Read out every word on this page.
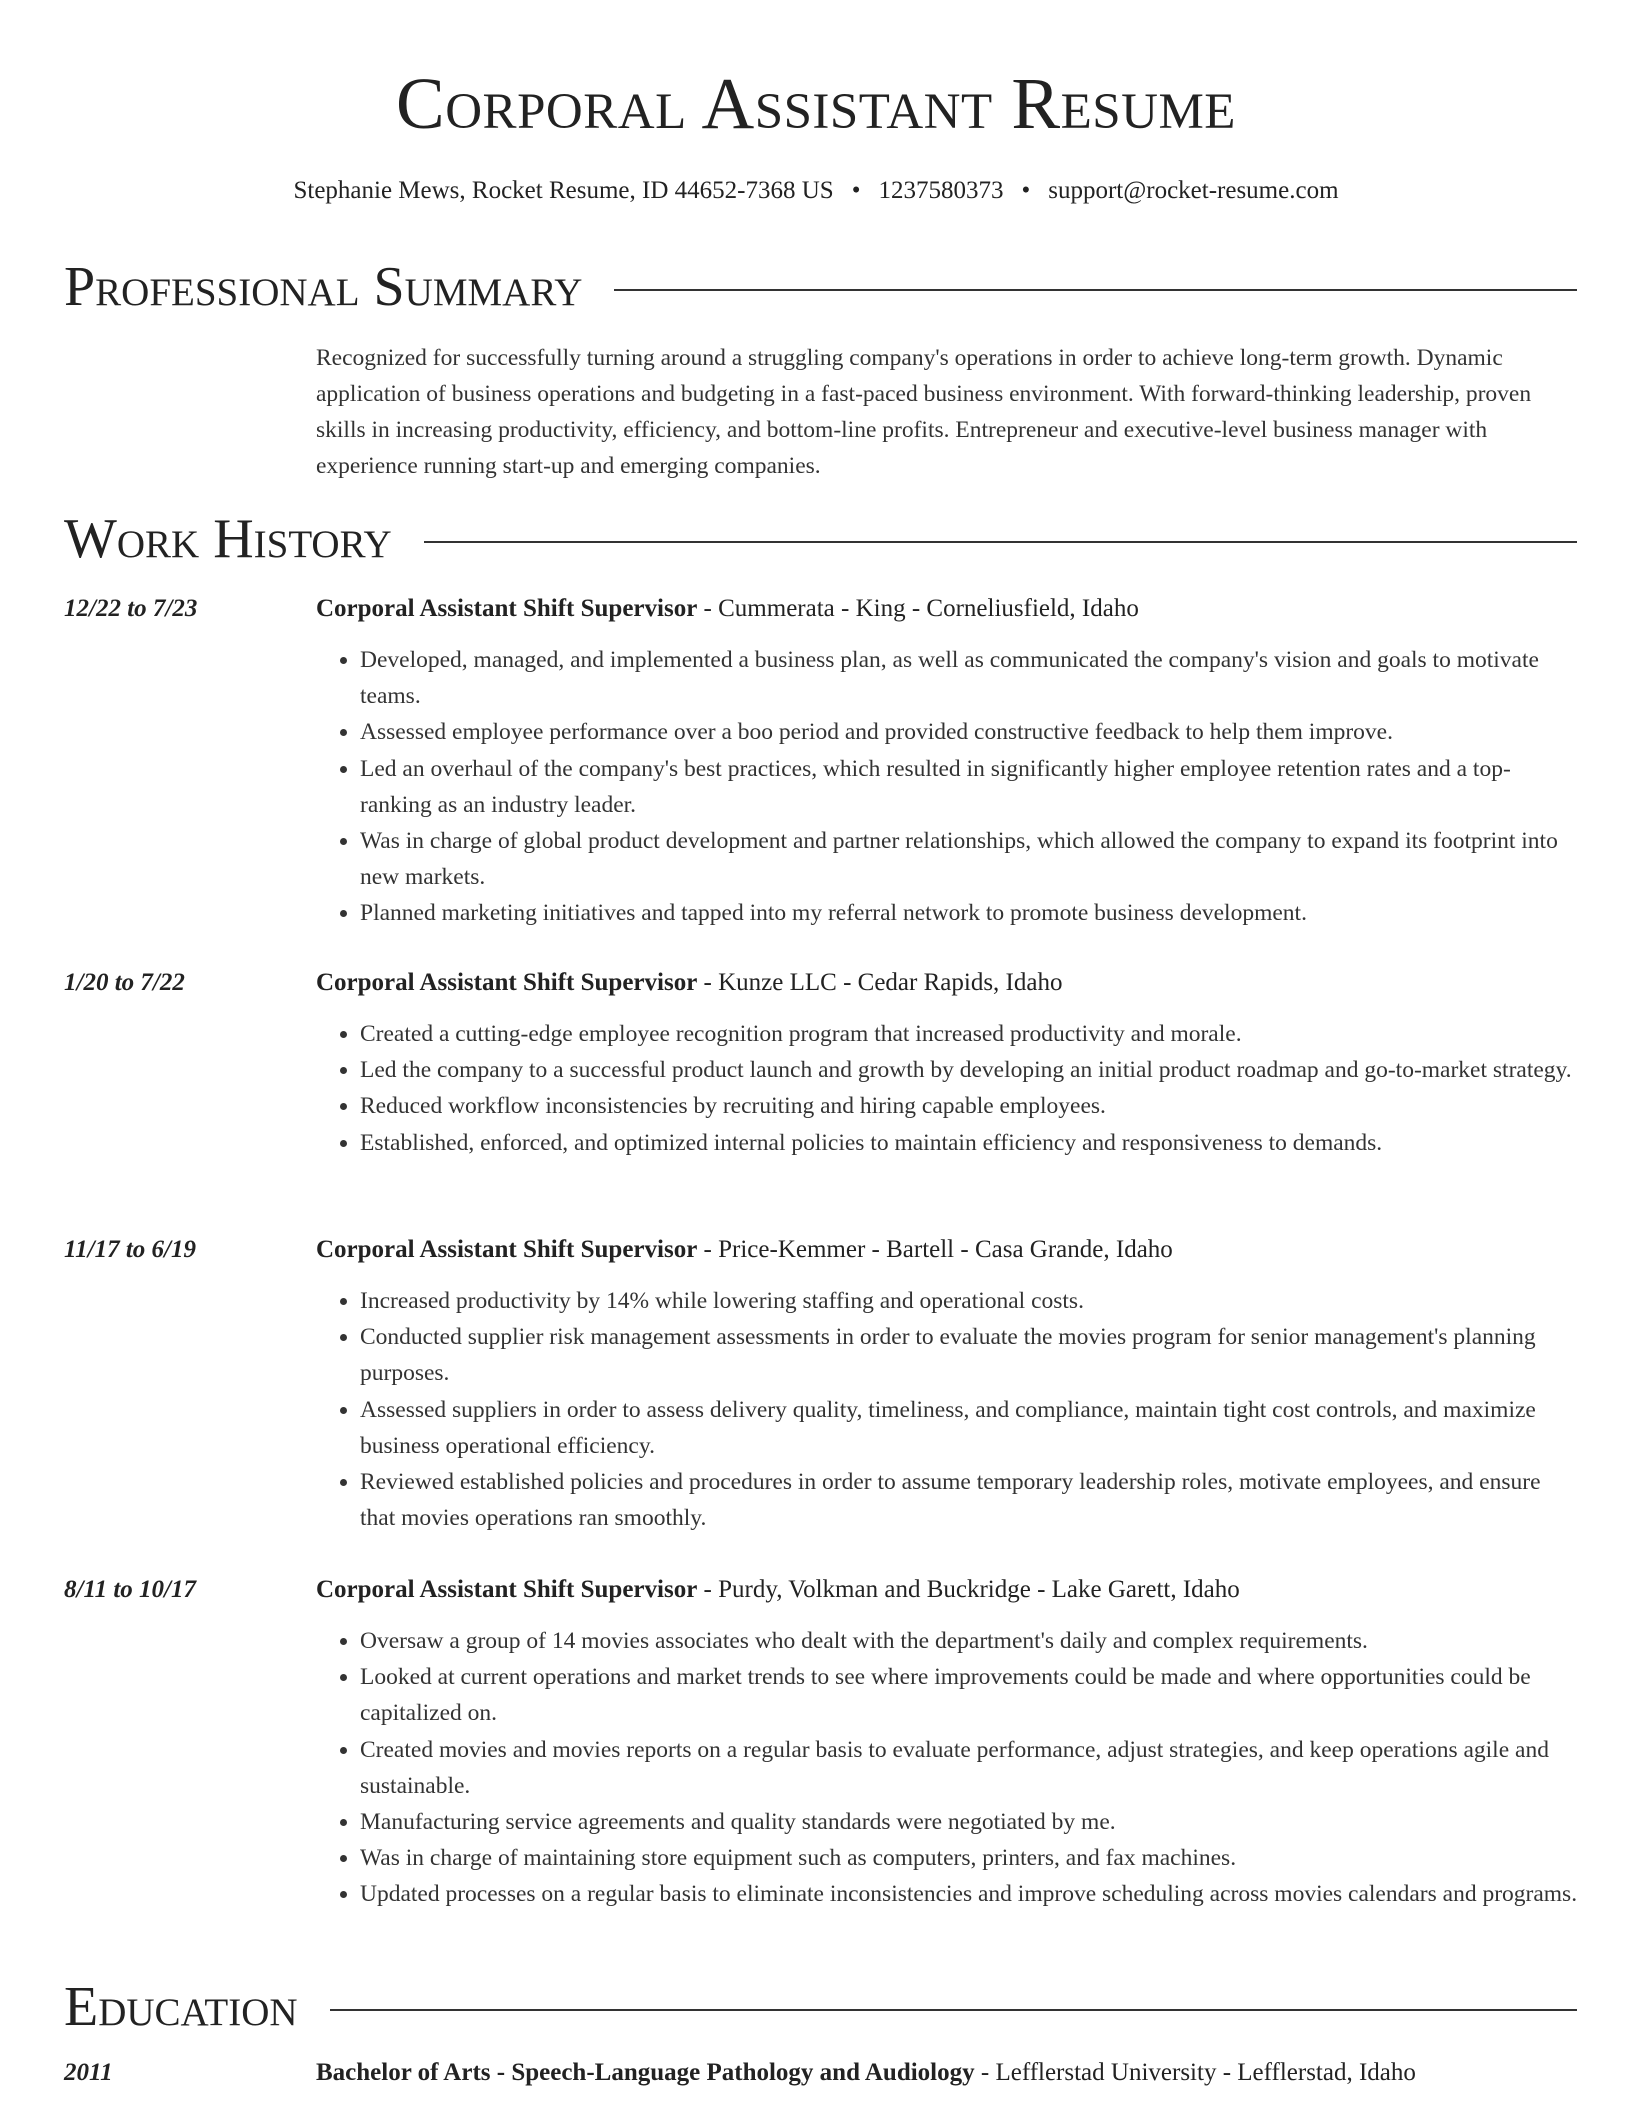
Corporal Assistant Resume
Stephanie Mews, Rocket Resume, ID 44652-7368 US • 1237580373 • support@rocket-resume.com
Professional Summary

Recognized for successfully turning around a struggling company's operations in order to achieve long-term growth. Dynamic application of business operations and budgeting in a fast-paced business environment. With forward-thinking leadership, proven skills in increasing productivity, efficiency, and bottom-line profits. Entrepreneur and executive-level business manager with experience running start-up and emerging companies.

Work History
12/22 to 7/23	Corporal Assistant Shift Supervisor - Cummerata - King - Corneliusfield, Idaho
• Developed, managed, and implemented a business plan, as well as communicated the company's vision and goals to motivate teams.
• Assessed employee performance over a boo period and provided constructive feedback to help them improve.
• Led an overhaul of the company's best practices, which resulted in significantly higher employee retention rates and a top-ranking as an industry leader.
• Was in charge of global product development and partner relationships, which allowed the company to expand its footprint into new markets.
• Planned marketing initiatives and tapped into my referral network to promote business development.
1/20 to 7/22	Corporal Assistant Shift Supervisor - Kunze LLC - Cedar Rapids, Idaho
• Created a cutting-edge employee recognition program that increased productivity and morale.
• Led the company to a successful product launch and growth by developing an initial product roadmap and go-to-market strategy.
• Reduced workflow inconsistencies by recruiting and hiring capable employees.
• Established, enforced, and optimized internal policies to maintain efficiency and responsiveness to demands.
11/17 to 6/19	Corporal Assistant Shift Supervisor - Price-Kemmer - Bartell - Casa Grande, Idaho
• Increased productivity by 14% while lowering staffing and operational costs.
• Conducted supplier risk management assessments in order to evaluate the movies program for senior management's planning purposes.
• Assessed suppliers in order to assess delivery quality, timeliness, and compliance, maintain tight cost controls, and maximize business operational efficiency.
• Reviewed established policies and procedures in order to assume temporary leadership roles, motivate employees, and ensure that movies operations ran smoothly.
8/11 to 10/17	Corporal Assistant Shift Supervisor - Purdy, Volkman and Buckridge - Lake Garett, Idaho
• Oversaw a group of 14 movies associates who dealt with the department's daily and complex requirements.
• Looked at current operations and market trends to see where improvements could be made and where opportunities could be capitalized on.
• Created movies and movies reports on a regular basis to evaluate performance, adjust strategies, and keep operations agile and sustainable.
• Manufacturing service agreements and quality standards were negotiated by me.
• Was in charge of maintaining store equipment such as computers, printers, and fax machines.
• Updated processes on a regular basis to eliminate inconsistencies and improve scheduling across movies calendars and programs.
Education
2011	Bachelor of Arts - Speech-Language Pathology and Audiology - Lefflerstad University - Lefflerstad, Idaho
